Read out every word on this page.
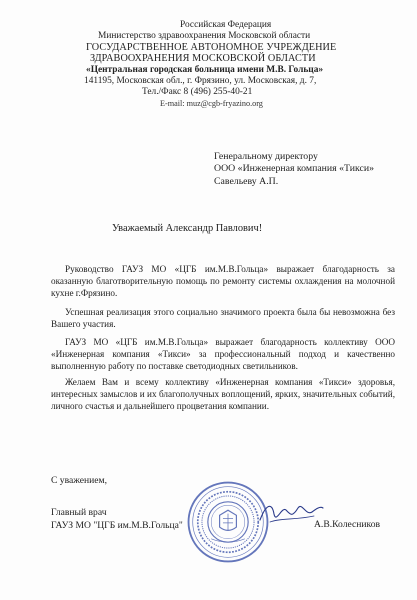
Российская Федерация
Министерство здравоохранения Московской области
ГОСУДАРСТВЕННОЕ АВТОНОМНОЕ УЧРЕЖДЕНИЕ
ЗДРАВООХРАНЕНИЯ МОСКОВСКОЙ ОБЛАСТИ
«Центральная городская больница имени М.В. Гольца»
141195, Московская обл., г. Фрязино, ул. Московская, д. 7,
Тел./Факс 8 (496) 255-40-21
E-mail: muz@cgb-fryazino.org
Генеральному директору
ООО «Инженерная компания «Тикси»
Савельеву А.П.
Уважаемый Александр Павлович!

Руководство ГАУЗ МО «ЦГБ им.М.В.Гольца» выражает благодарность за оказанную благотворительную помощь по ремонту системы охлаждения на молочной кухне г.Фрязино.

Успешная реализация этого социально значимого проекта была бы невозможна без Вашего участия.

ГАУЗ МО «ЦГБ им.М.В.Гольца» выражает благодарность коллективу ООО «Инженерная компания «Тикси» за профессиональный подход и качественно выполненную работу по поставке светодиодных светильников.

Желаем Вам и всему коллективу «Инженерная компания «Тикси» здоровья, интересных замыслов и их благополучных воплощений, ярких, значительных событий, личного счастья и дальнейшего процветания компании.

С уважением,
Главный врач
ГАУЗ МО "ЦГБ им.М.В.Гольца"	А.В.Колесников
